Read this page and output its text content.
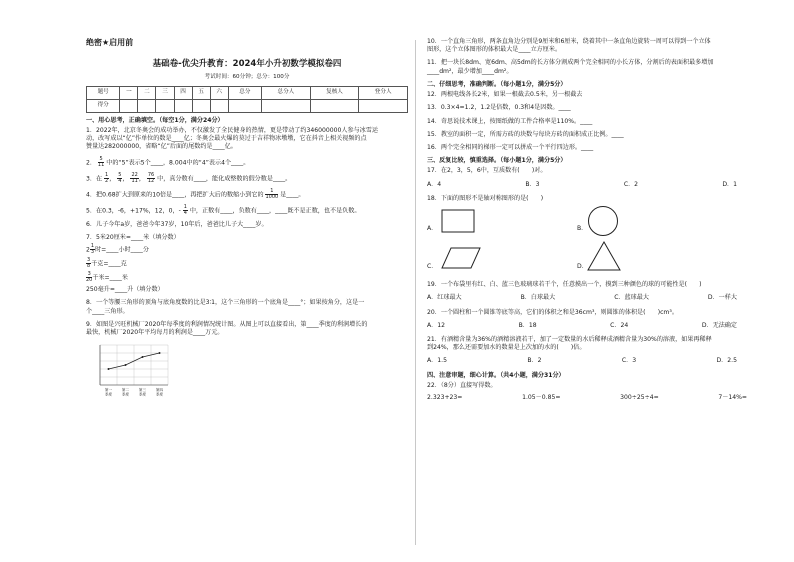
绝密★启用前
基础卷-优尖升教育：2024年小升初数学模拟卷四
考试时间：60分钟；总分：100分
题号	一	二	三	四	五	六	总分	总分人	复核人	登分人
得分										
一、用心思考，正确填空。（每空1分，满分24分）
1．2022年，北京冬奥会的成功举办，不仅激发了全民健身的热情，更是带动了约346000000人参与冰雪运
动，改写成以“亿”作单位的数是____亿；冬奥会最火爆的莫过于吉祥物冰墩墩，它在抖音上相关视频的点
赞量达282000000，省略“亿”后面的尾数约是____亿。
2． $\frac{5}{11}$ 中的“5”表示5个____，8.004中的“4”表示4个____。
3．在 $\frac{1}{2}$ ， $\frac{5}{4}$ ， $\frac{22}{11}$ ， $\frac{76}{12}$ 中，真分数有____，能化成整数的假分数是____。
4．把0.68扩大到原来的10倍是____，再把扩大后的数缩小到它的 $\frac{1}{1000}$ 是____。
5．在0.3，-6，+17%，12，0，- $\frac{1}{4}$ 中，正数有____，负数有____，____既不是正数，也不是负数。
6．儿子今年a岁，爸爸今年37岁，10年后，爸爸比儿子大____岁。
7．5米20厘米=____米（填分数）
$2 \frac{1}{3}$ 时=____小时____分
$\frac{3}{8}$ 千克=____克
$\frac{3}{20}$ 千米=____米
250毫升=____升（填分数）
8．一个等腰三角形的顶角与底角度数的比是3∶1，这个三角形的一个底角是____°；如果按角分，这是一
个____三角形。
9．如图是兴旺机械厂2020年每季度的利润情况统计图。从图上可以直接看出，第____季度的利润增长的
最快，机械厂2020年平均每月的利润是____万元。
第一
季度
第二
季度
第三
季度
第四
季度
10．一个直角三角形，两条直角边分别是9厘米和6厘米，绕着其中一条直角边旋转一周可以得到一个立体
图形，这个立体图形的体积最大是____立方厘米。
11．把一块长8dm、宽6dm、高5dm的长方体分割成两个完全相同的小长方体，分割后的表面积最多增加
____dm²，最少增加____dm²。
二、仔细思考，准确判断。（每小题1分，满分5分）
12．两根电线各长2米，如果一根截去0.5米，另一根截去
13．0.3×4=1.2，1.2是倍数，0.3和4是因数。____
14．奇思说技术课上，按图纸做的工件合格率是110%。____
15．教室的面积一定，所需方砖的块数与每块方砖的面积成正比例。____
16．两个完全相同的梯形一定可以拼成一个平行四边形。____
三、反复比较，慎重选择。（每小题1分，满分5分）
17．在2，3，5，6中，互质数有(　　)对。
A．4	B．3	C．2	D．1
18．下面的图形不是轴对称图形的是(　　)
A．	B．
C．	D．
19．一个布袋里有红、白、蓝三色玻璃球若干个，任意摸出一个，摸到三种颜色的球的可能性是(　　)
A．红球最大	B．白球最大	C．蓝球最大	D．一样大
20．一个圆柱和一个圆锥等底等高，它们的体积之和是36cm³，则圆锥的体积是(　　)cm³。
A．12	B．18	C．24	D．无法确定
21．有酒精含量为36%的酒精溶液若干，加了一定数量的水后稀释成酒精含量为30%的溶液，如果再稀释
到24%，那么还需要加水的数量是上次加的水的(　　)倍。
A．1.5	B．2	C．3	D．2.5
四、注意审题，细心计算。（共4小题，满分31分）
22．（8分）直接写得数。
2.323+23=	1.05－0.85=	300÷25÷4=	7－14%=
